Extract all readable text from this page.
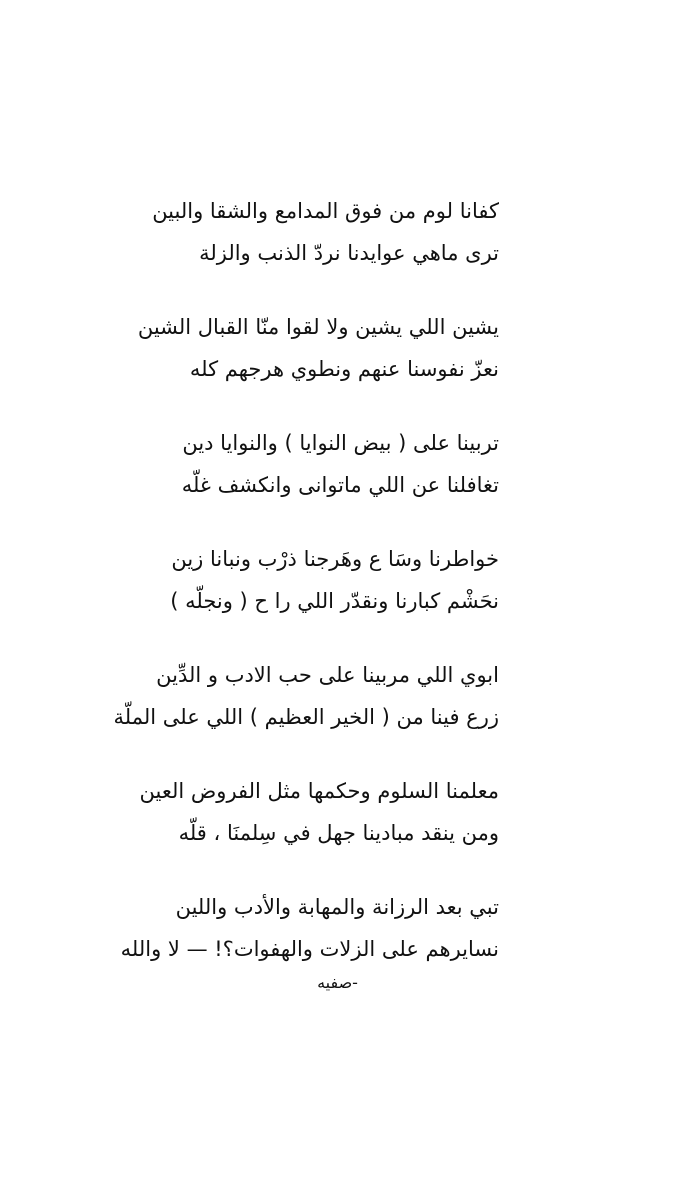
كفانا لوم من فوق المدامع والشقا والبين
ترى ماهي عوايدنا نردّ الذنب والزلة
يشين اللي يشين ولا لقوا منّا القبال الشين
نعزّ نفوسنا عنهم ونطوي هرجهم كله
تربينا على ( بيض النوايا ) والنوايا دين
تغافلنا عن اللي ماتوانى وانكشف غلّه
خواطرنا وسَا ع وهَرجنا ذرْب ونبانا زين
نحَشْم كبارنا ونقدّر اللي را ح ( ونجلّه )
ابوي اللي مربينا على حب الادب و الدِّين
زرع فينا من ( الخير العظيم ) اللي على الملّة
معلمنا السلوم وحكمها مثل الفروض العين
ومن ينقد مبادينا جهل في سِلمنَا ، قلّه
تبي بعد الرزانة والمهابة والأدب واللين
نسايرهم على الزلات والهفوات؟! — لا والله
-صفيه
